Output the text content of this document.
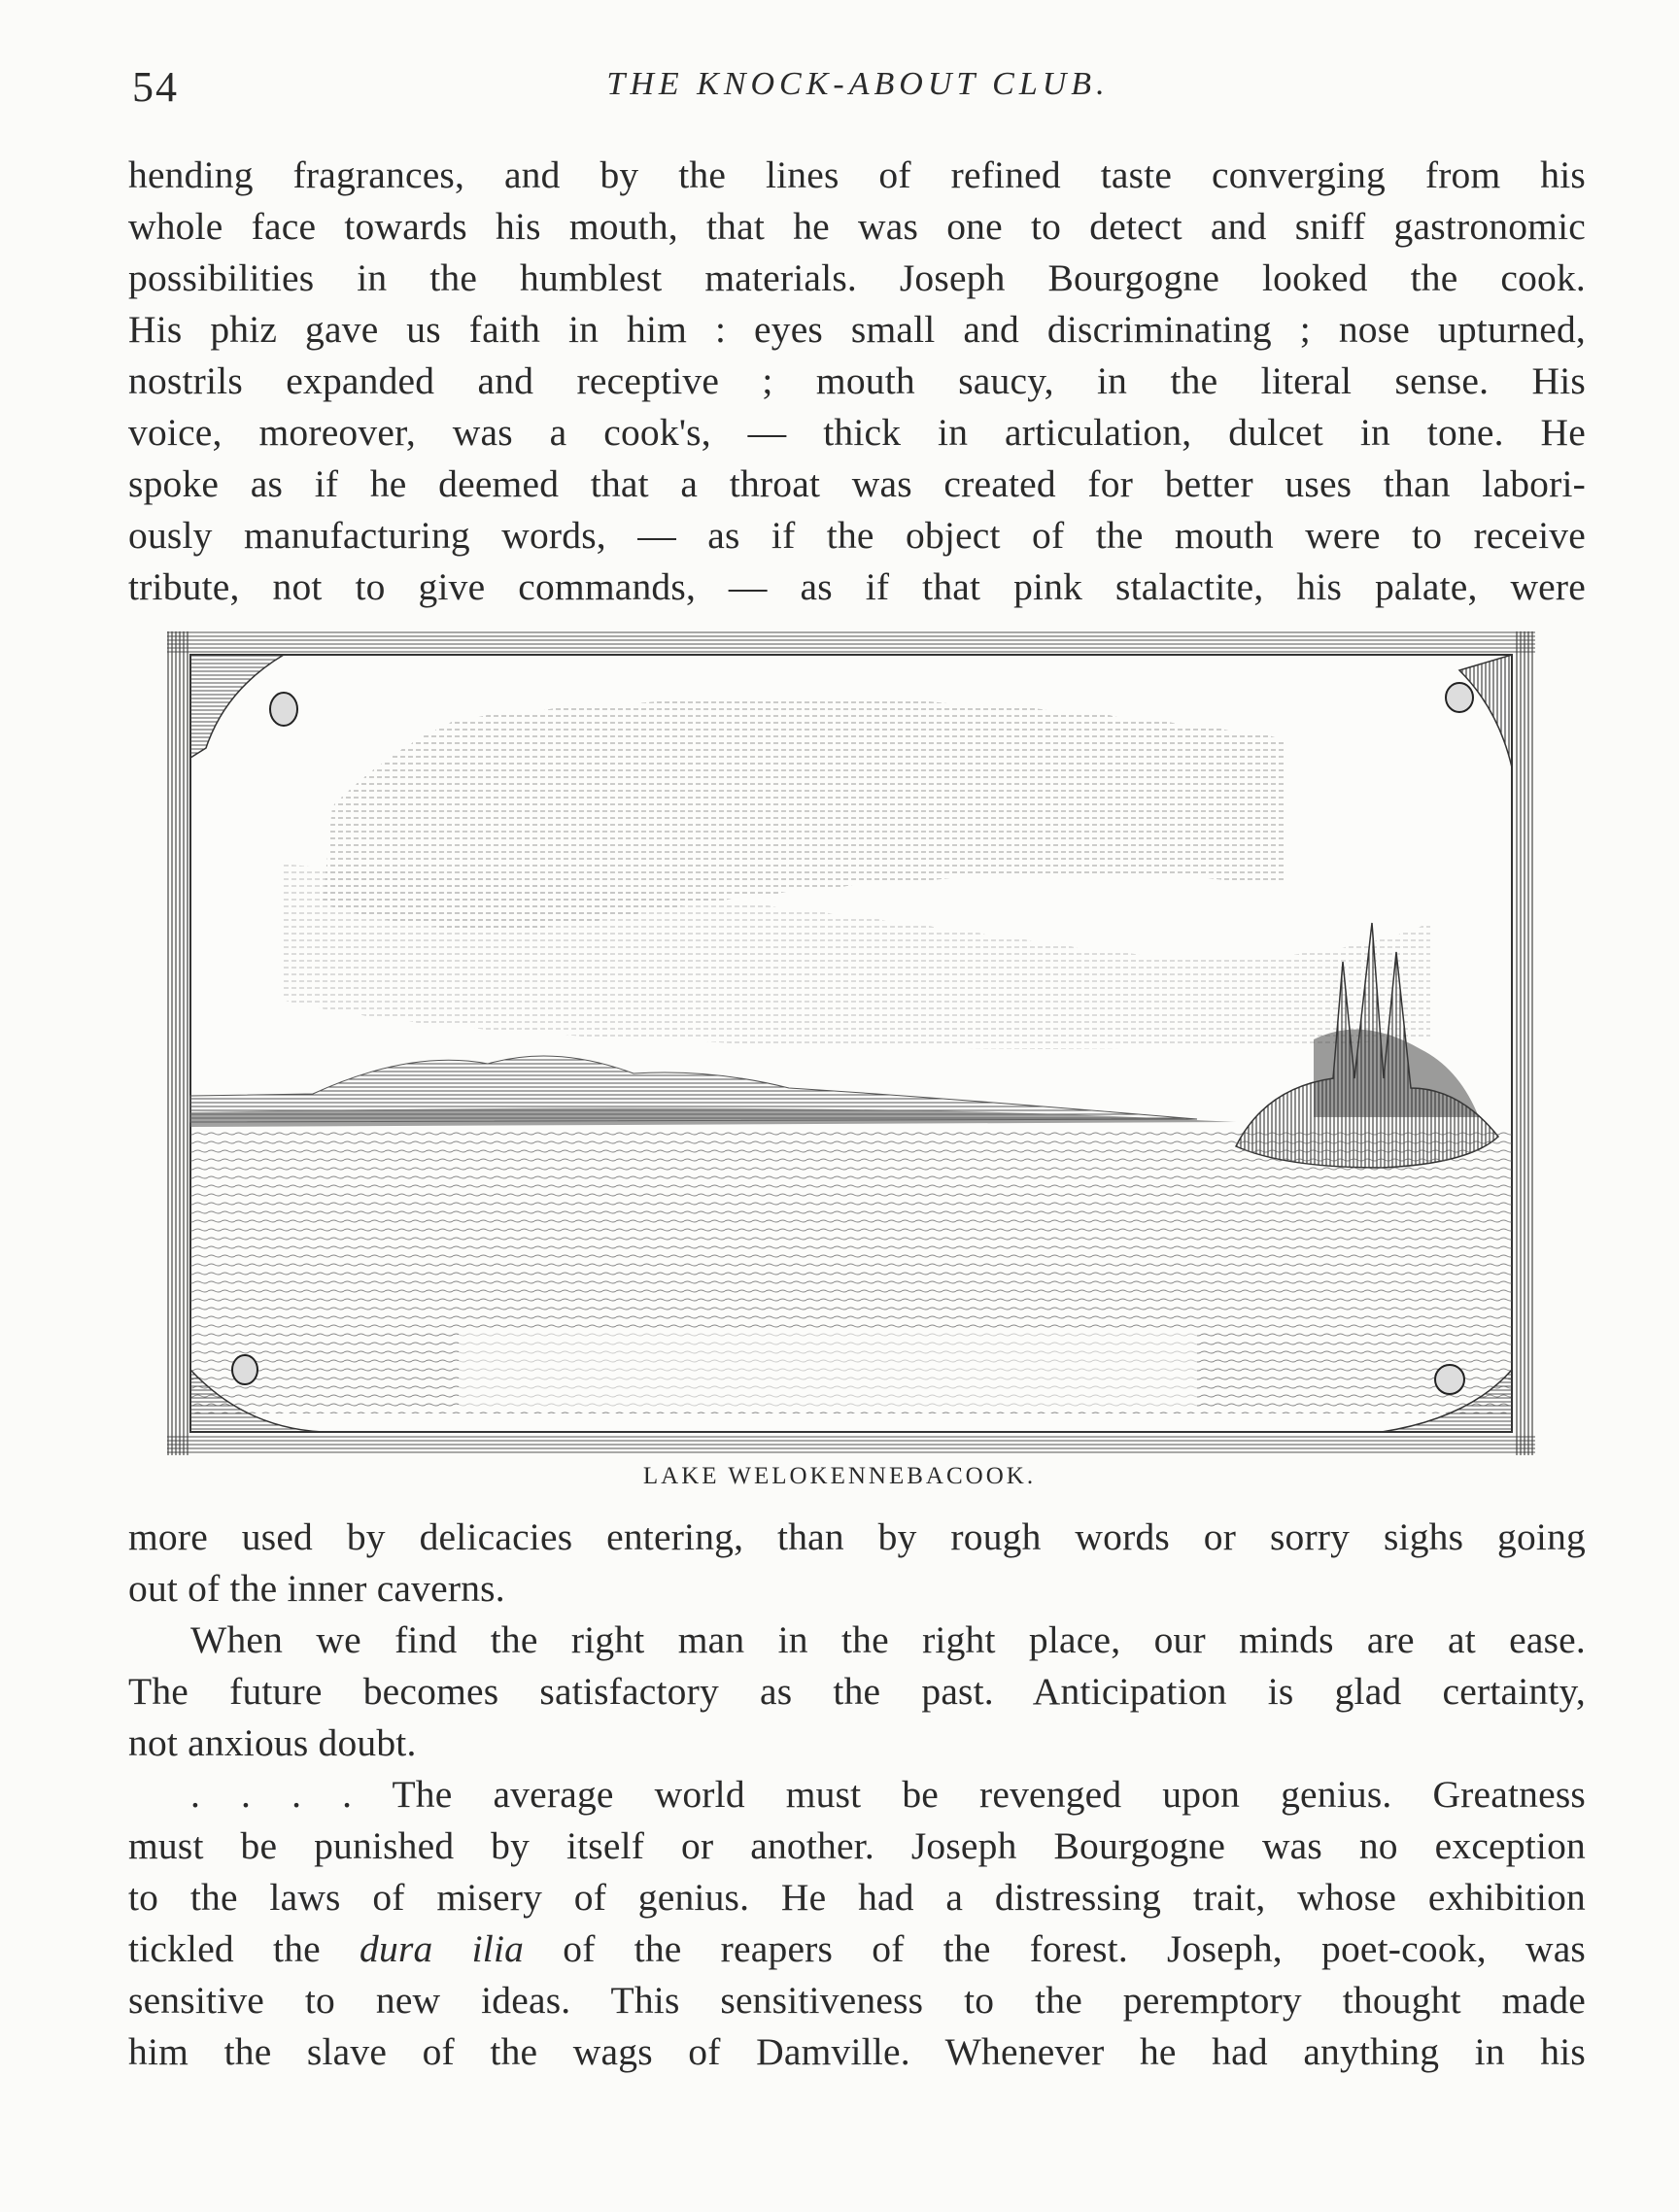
54	THE KNOCK-ABOUT CLUB.
hending fragrances, and by the lines of refined taste converging from his
whole face towards his mouth, that he was one to detect and sniff gastronomic
possibilities in the humblest materials. Joseph Bourgogne looked the cook.
His phiz gave us faith in him : eyes small and discriminating ; nose upturned,
nostrils expanded and receptive ; mouth saucy, in the literal sense. His
voice, moreover, was a cook's, — thick in articulation, dulcet in tone. He
spoke as if he deemed that a throat was created for better uses than labori-
ously manufacturing words, — as if the object of the mouth were to receive
tribute, not to give commands, — as if that pink stalactite, his palate, were
LAKE WELOKENNEBACOOK.
more used by delicacies entering, than by rough words or sorry sighs going
out of the inner caverns.
When we find the right man in the right place, our minds are at ease.
The future becomes satisfactory as the past. Anticipation is glad certainty,
not anxious doubt.
. . . . The average world must be revenged upon genius. Greatness
must be punished by itself or another. Joseph Bourgogne was no exception
to the laws of misery of genius. He had a distressing trait, whose exhibition
tickled the dura ilia of the reapers of the forest. Joseph, poet-cook, was
sensitive to new ideas. This sensitiveness to the peremptory thought made
him the slave of the wags of Damville. Whenever he had anything in his
